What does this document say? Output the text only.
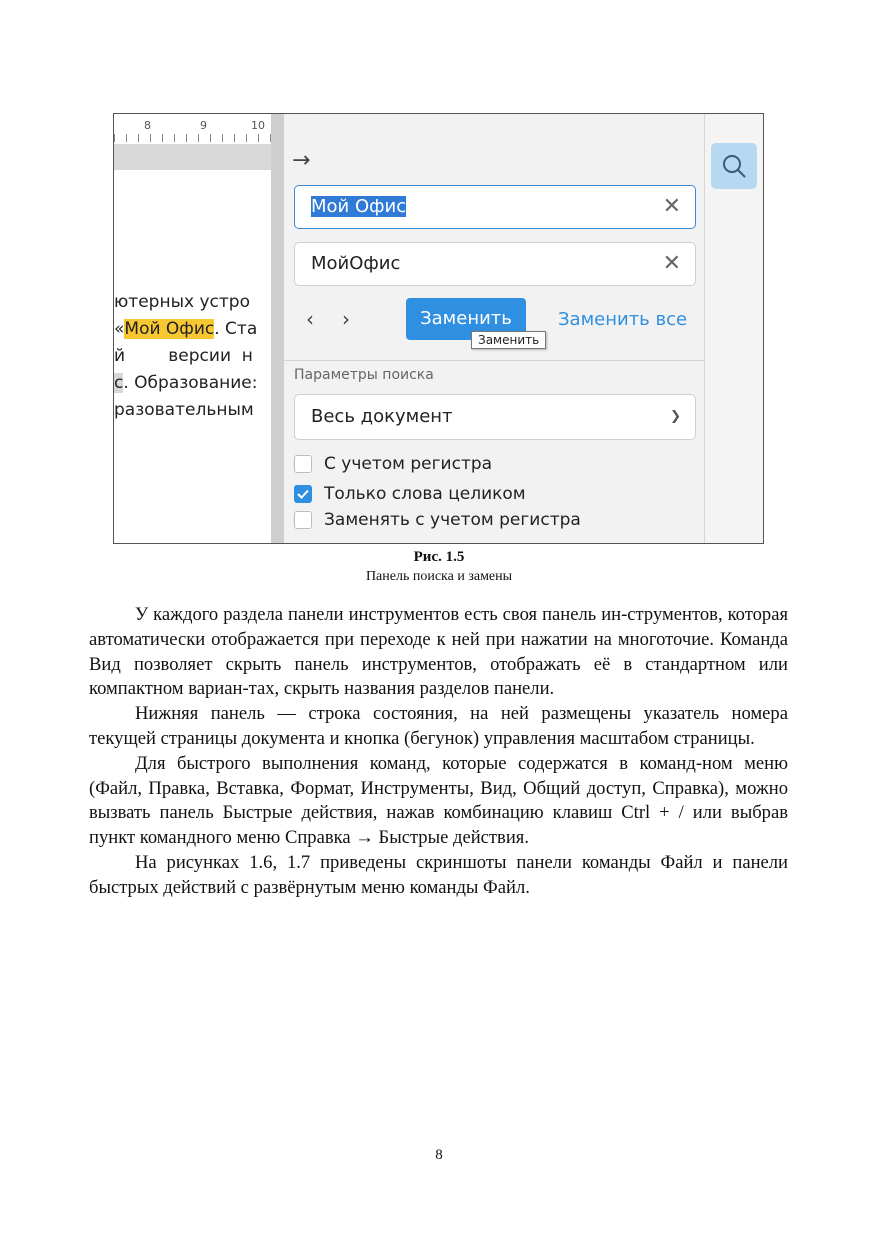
8	9	10
ютерных устро
«Мой Офис. Ста
й        версии  н
с. Образование:
разовательным
→
Мой Офис	✕
МойОфис	✕
‹ ›	Заменить	Заменить все
Заменить
Параметры поиска
Весь документ	❯
С учетом регистра
Только слова целиком
Заменять с учетом регистра
Рис. 1.5
Панель поиска и замены

У каждого раздела панели инструментов есть своя панель ин-струментов, которая автоматически отображается при переходе к ней при нажатии на многоточие. Команда Вид позволяет скрыть панель инструментов, отображать её в стандартном или компактном вариан-тах, скрыть названия разделов панели.

Нижняя панель — строка состояния, на ней размещены указатель номера текущей страницы документа и кнопка (бегунок) управления масштабом страницы.

Для быстрого выполнения команд, которые содержатся в команд-ном меню (Файл, Правка, Вставка, Формат, Инструменты, Вид, Общий доступ, Справка), можно вызвать панель Быстрые действия, нажав комбинацию клавиш Ctrl + / или выбрав пункт командного меню Справка → Быстрые действия.

На рисунках 1.6, 1.7 приведены скриншоты панели команды Файл и панели быстрых действий с развёрнутым меню команды Файл.

8
